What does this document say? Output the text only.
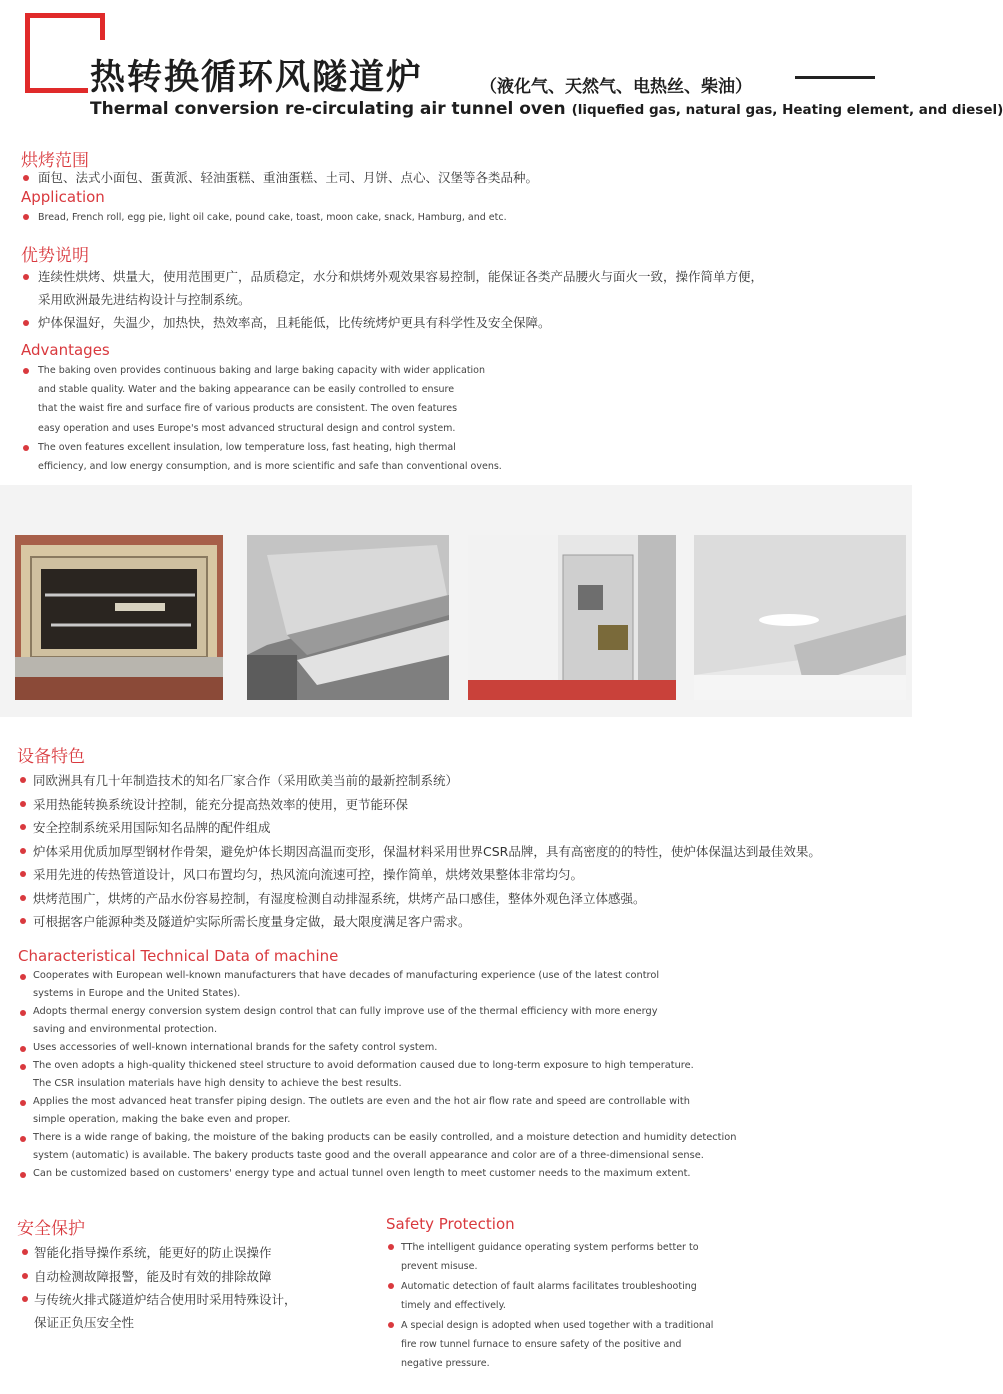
热转换循环风隧道炉	（液化气、天然气、电热丝、柴油）
Thermal conversion re-circulating air tunnel oven (liquefied gas, natural gas, Heating element, and diesel)
烘烤范围
面包、法式小面包、蛋黄派、轻油蛋糕、重油蛋糕、土司、月饼、点心、汉堡等各类品种。
Application
Bread, French roll, egg pie, light oil cake, pound cake, toast, moon cake, snack, Hamburg, and etc.
优势说明
连续性烘烤、烘量大，使用范围更广，品质稳定，水分和烘烤外观效果容易控制，能保证各类产品腰火与面火一致，操作简单方便，
采用欧洲最先进结构设计与控制系统。
炉体保温好，失温少，加热快，热效率高，且耗能低，比传统烤炉更具有科学性及安全保障。
Advantages
The baking oven provides continuous baking and large baking capacity with wider application
and stable quality. Water and the baking appearance can be easily controlled to ensure
that the waist fire and surface fire of various products are consistent. The oven features
easy operation and uses Europe's most advanced structural design and control system.
The oven features excellent insulation, low temperature loss, fast heating, high thermal
efficiency, and low energy consumption, and is more scientific and safe than conventional ovens.
设备特色
同欧洲具有几十年制造技术的知名厂家合作（采用欧美当前的最新控制系统）
采用热能转换系统设计控制，能充分提高热效率的使用，更节能环保
安全控制系统采用国际知名品牌的配件组成
炉体采用优质加厚型钢材作骨架，避免炉体长期因高温而变形，保温材料采用世界CSR品牌，具有高密度的的特性，使炉体保温达到最佳效果。
采用先进的传热管道设计，风口布置均匀，热风流向流速可控，操作简单，烘烤效果整体非常均匀。
烘烤范围广，烘烤的产品水份容易控制，有湿度检测自动排湿系统，烘烤产品口感佳，整体外观色泽立体感强。
可根据客户能源种类及隧道炉实际所需长度量身定做，最大限度满足客户需求。
Characteristical Technical Data of machine
Cooperates with European well-known manufacturers that have decades of manufacturing experience (use of the latest control
systems in Europe and the United States).
Adopts thermal energy conversion system design control that can fully improve use of the thermal efficiency with more energy
saving and environmental protection.
Uses accessories of well-known international brands for the safety control system.
The oven adopts a high-quality thickened steel structure to avoid deformation caused due to long-term exposure to high temperature.
The CSR insulation materials have high density to achieve the best results.
Applies the most advanced heat transfer piping design. The outlets are even and the hot air flow rate and speed are controllable with
simple operation, making the bake even and proper.
There is a wide range of baking, the moisture of the baking products can be easily controlled, and a moisture detection and humidity detection
system (automatic) is available. The bakery products taste good and the overall appearance and color are of a three-dimensional sense.
Can be customized based on customers' energy type and actual tunnel oven length to meet customer needs to the maximum extent.
安全保护
智能化指导操作系统，能更好的防止误操作
自动检测故障报警，能及时有效的排除故障
与传统火排式隧道炉结合使用时采用特殊设计，
保证正负压安全性
Safety Protection
TThe intelligent guidance operating system performs better to
prevent misuse.
Automatic detection of fault alarms facilitates troubleshooting
timely and effectively.
A special design is adopted when used together with a traditional
fire row tunnel furnace to ensure safety of the positive and
negative pressure.
